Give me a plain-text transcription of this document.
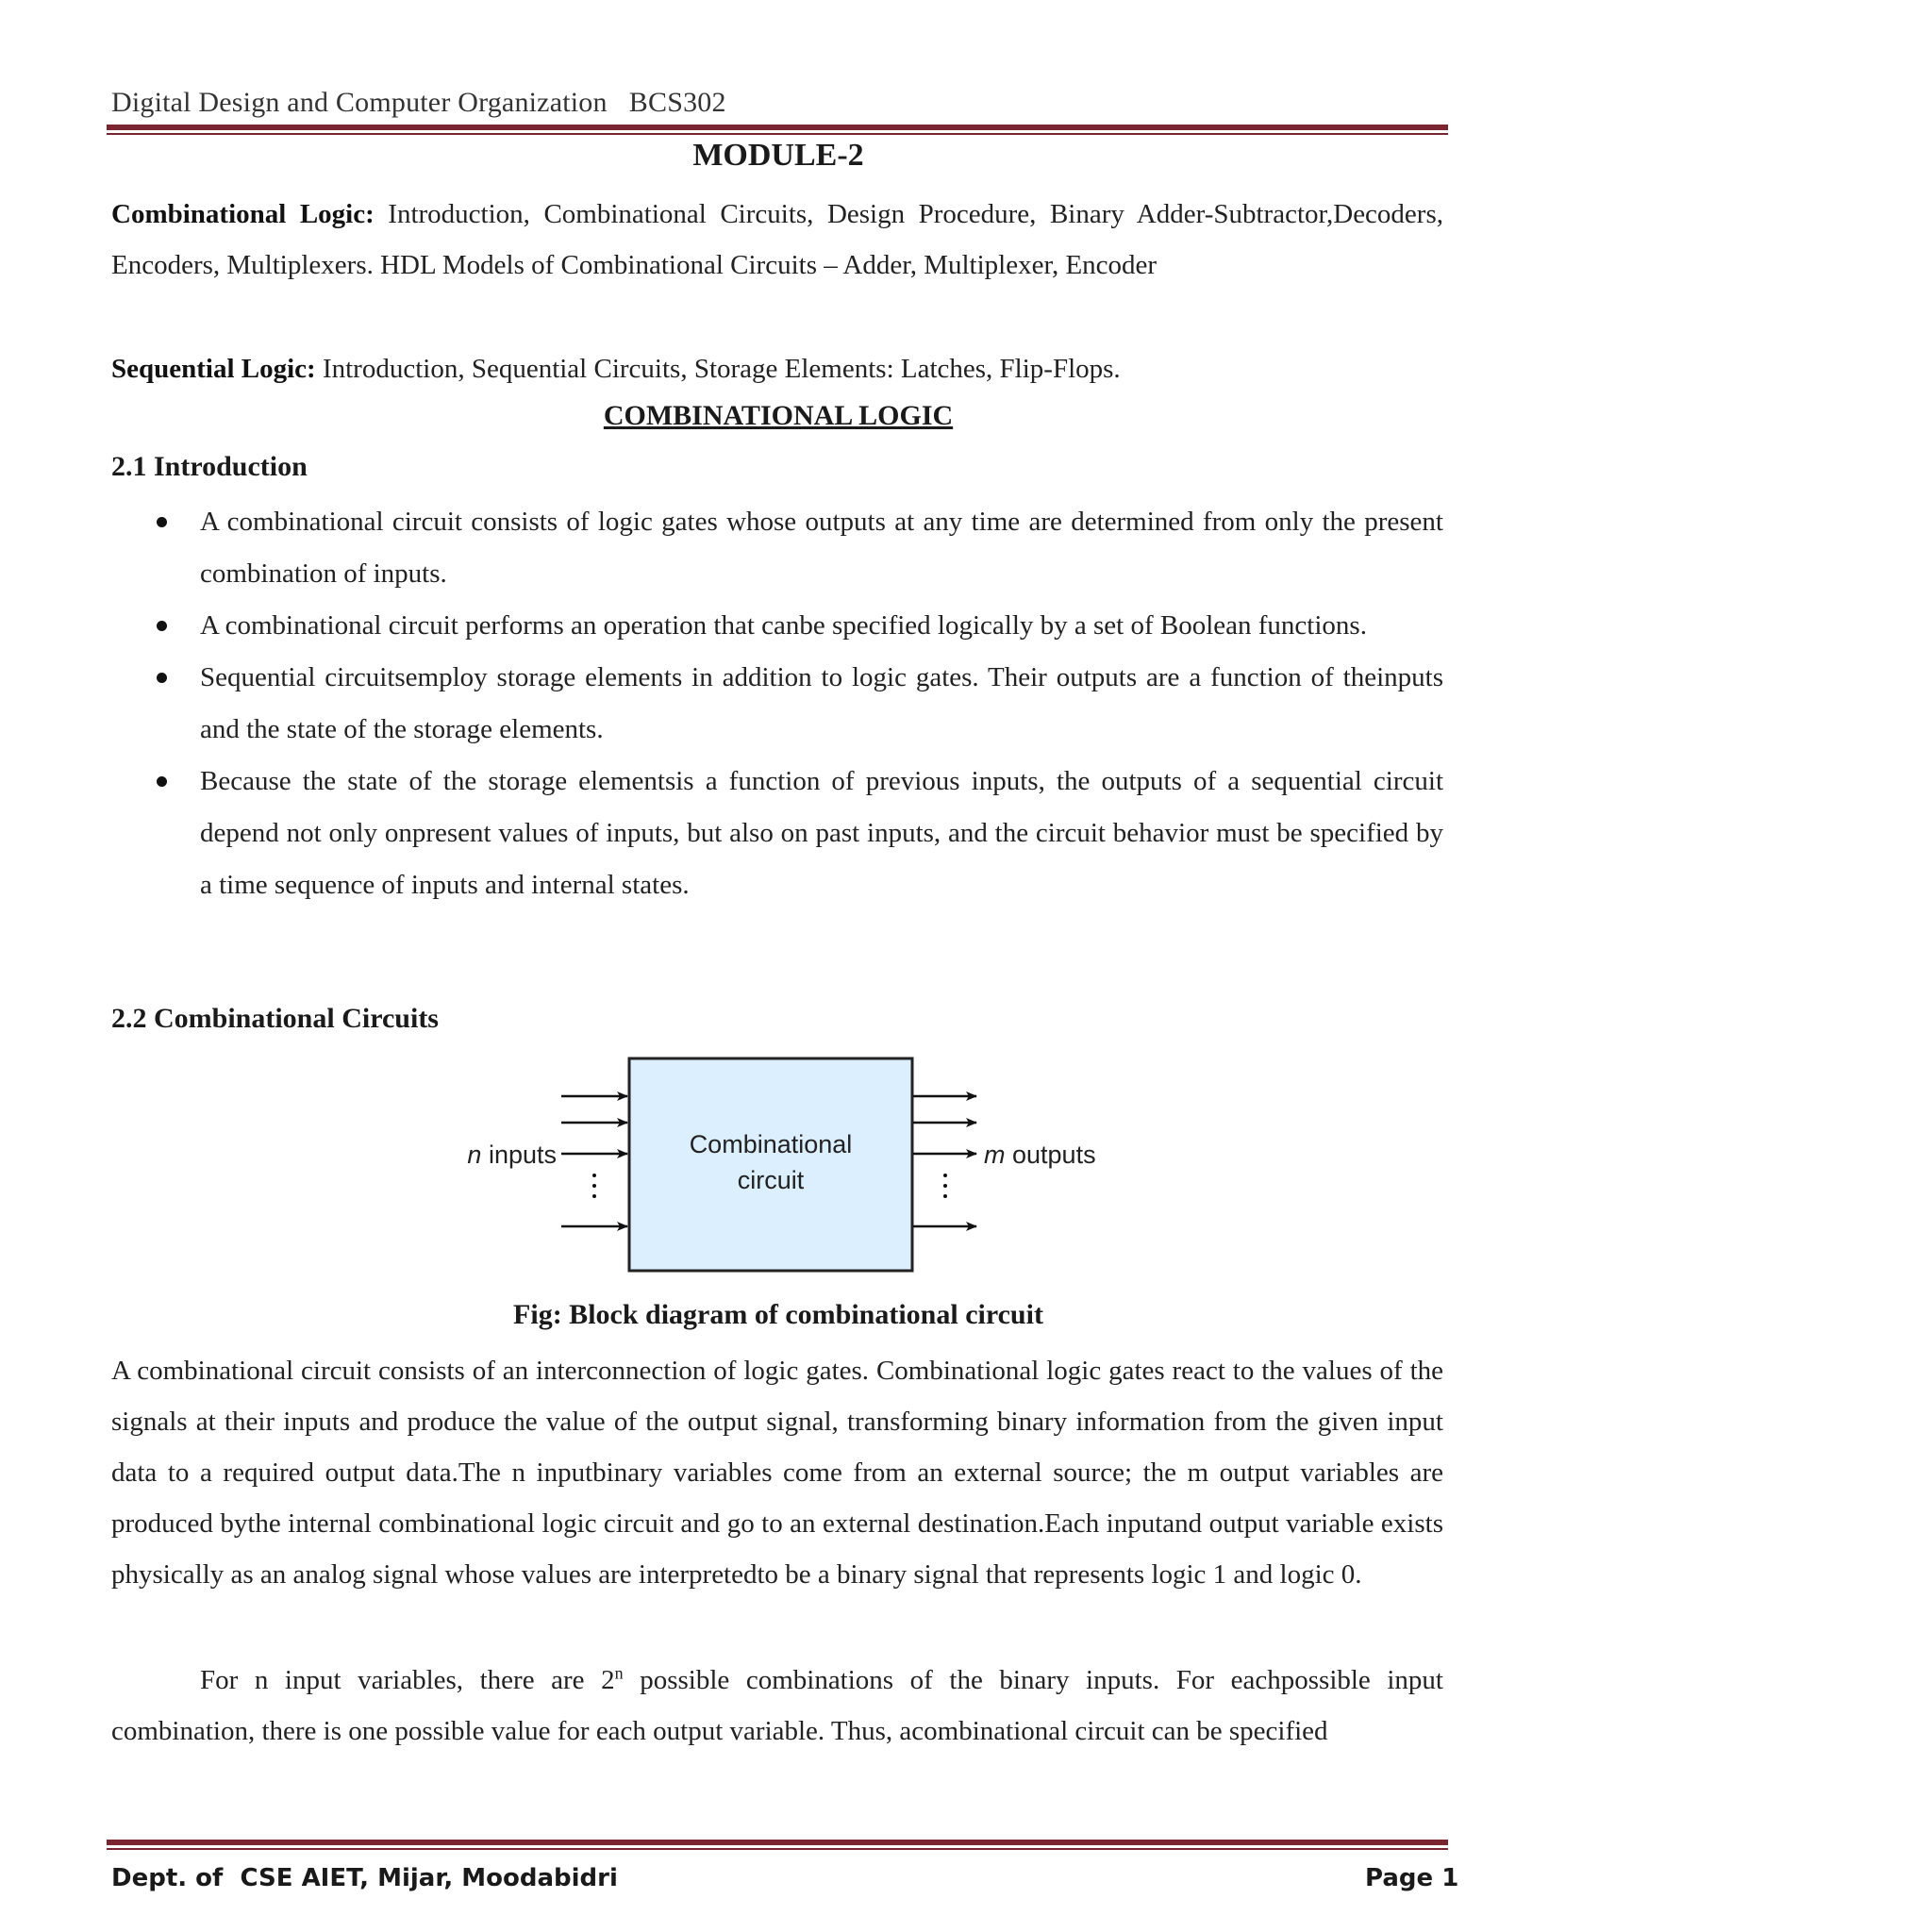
Digital Design and Computer Organization   BCS302
MODULE-2
Combinational Logic: Introduction, Combinational Circuits, Design Procedure, Binary Adder-Subtractor,Decoders, Encoders, Multiplexers. HDL Models of Combinational Circuits – Adder, Multiplexer, Encoder
Sequential Logic: Introduction, Sequential Circuits, Storage Elements: Latches, Flip-Flops.
COMBINATIONAL LOGIC
2.1 Introduction
A combinational circuit consists of logic gates whose outputs at any time are determined from only the present combination of inputs.
A combinational circuit performs an operation that canbe specified logically by a set of Boolean functions.
Sequential circuitsemploy storage elements in addition to logic gates. Their outputs are a function of theinputs and the state of the storage elements.
Because the state of the storage elementsis a function of previous inputs, the outputs of a sequential circuit depend not only onpresent values of inputs, but also on past inputs, and the circuit behavior must be specified by a time sequence of inputs and internal states.
2.2 Combinational Circuits
Combinational
circuit
n inputs	m outputs
Fig: Block diagram of combinational circuit
A combinational circuit consists of an interconnection of logic gates. Combinational logic gates react to the values of the signals at their inputs and produce the value of the output signal, transforming binary information from the given input data to a required output data.The n inputbinary variables come from an external source; the m output variables are produced bythe internal combinational logic circuit and go to an external destination.Each inputand output variable exists physically as an analog signal whose values are interpretedto be a binary signal that represents logic 1 and logic 0.
For n input variables, there are 2$^n$ possible combinations of the binary inputs. For eachpossible input combination, there is one possible value for each output variable. Thus, acombinational circuit can be specified
Dept. of  CSE AIET, Mijar, Moodabidri	Page 1
